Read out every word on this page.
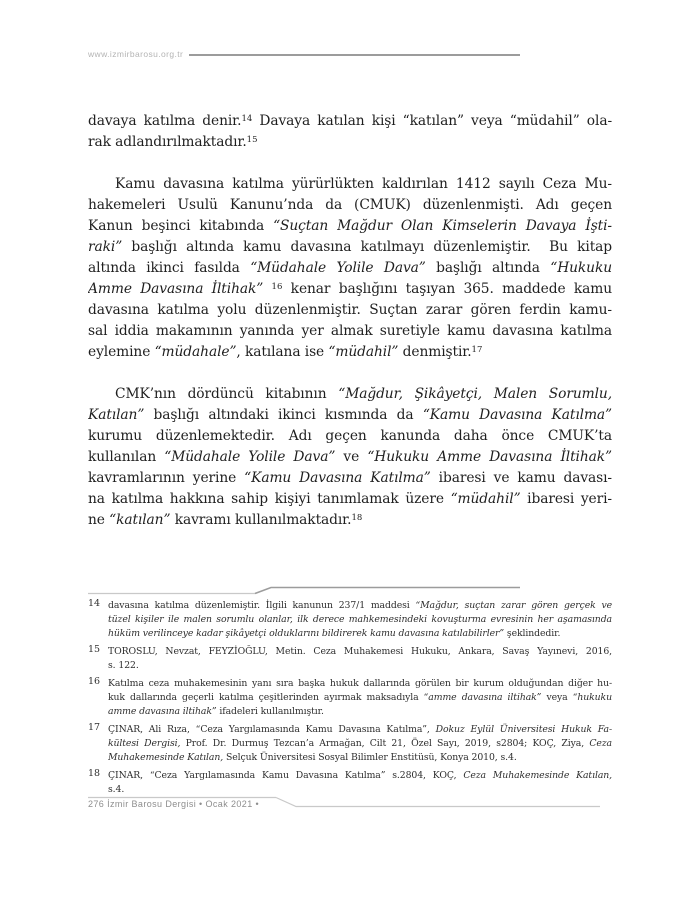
www.izmirbarosu.org.tr
davaya katılma denir.$^{14}$ Davaya katılan kişi “katılan” veya “müdahil” ola-
rak adlandırılmaktadır.$^{15}$
Kamu davasına katılma yürürlükten kaldırılan 1412 sayılı Ceza Mu-
hakemeleri Usulü Kanunu’nda da (CMUK) düzenlenmişti. Adı geçen
Kanun beşinci kitabında “Suçtan Mağdur Olan Kimselerin Davaya İşti-
raki” başlığı altında kamu davasına katılmayı düzenlemiştir.  Bu kitap
altında ikinci fasılda “Müdahale Yolile Dava” başlığı altında “Hukuku
Amme Davasına İltihak” $^{16}$ kenar başlığını taşıyan 365. maddede kamu
davasına katılma yolu düzenlenmiştir. Suçtan zarar gören ferdin kamu-
sal iddia makamının yanında yer almak suretiyle kamu davasına katılma
eylemine “müdahale”, katılana ise “müdahil” denmiştir.$^{17}$
CMK’nın dördüncü kitabının “Mağdur, Şikâyetçi, Malen Sorumlu,
Katılan” başlığı altındaki ikinci kısmında da “Kamu Davasına Katılma”
kurumu düzenlemektedir. Adı geçen kanunda daha önce CMUK’ta
kullanılan “Müdahale Yolile Dava” ve “Hukuku Amme Davasına İltihak”
kavramlarının yerine “Kamu Davasına Katılma” ibaresi ve kamu davası-
na katılma hakkına sahip kişiyi tanımlamak üzere “müdahil” ibaresi yeri-
ne “katılan” kavramı kullanılmaktadır.$^{18}$
14 davasına katılma düzenlemiştir. İlgili kanunun 237/1 maddesi “Mağdur, suçtan zarar gören gerçek ve
tüzel kişiler ile malen sorumlu olanlar, ilk derece mahkemesindeki kovuşturma evresinin her aşamasında
hüküm verilinceye kadar şikâyetçi olduklarını bildirerek kamu davasına katılabilirler” şeklindedir.
15 TOROSLU, Nevzat, FEYZİOĞLU, Metin. Ceza Muhakemesi Hukuku, Ankara, Savaş Yayınevi, 2016,
s. 122.
16 Katılma ceza muhakemesinin yanı sıra başka hukuk dallarında görülen bir kurum olduğundan diğer hu-
kuk dallarında geçerli katılma çeşitlerinden ayırmak maksadıyla “amme davasına iltihak” veya “hukuku
amme davasına iltihak” ifadeleri kullanılmıştır.
17 ÇINAR, Ali Rıza, “Ceza Yargılamasında Kamu Davasına Katılma”, Dokuz Eylül Üniversitesi Hukuk Fa-
kültesi Dergisi, Prof. Dr. Durmuş Tezcan’a Armağan, Cilt 21, Özel Sayı, 2019, s2804; KOÇ, Ziya, Ceza
Muhakemesinde Katılan, Selçuk Üniversitesi Sosyal Bilimler Enstitüsü, Konya 2010, s.4.
18 ÇINAR, “Ceza Yargılamasında Kamu Davasına Katılma” s.2804, KOÇ, Ceza Muhakemesinde Katılan,
s.4.
276 İzmir Barosu Dergisi • Ocak 2021 •
